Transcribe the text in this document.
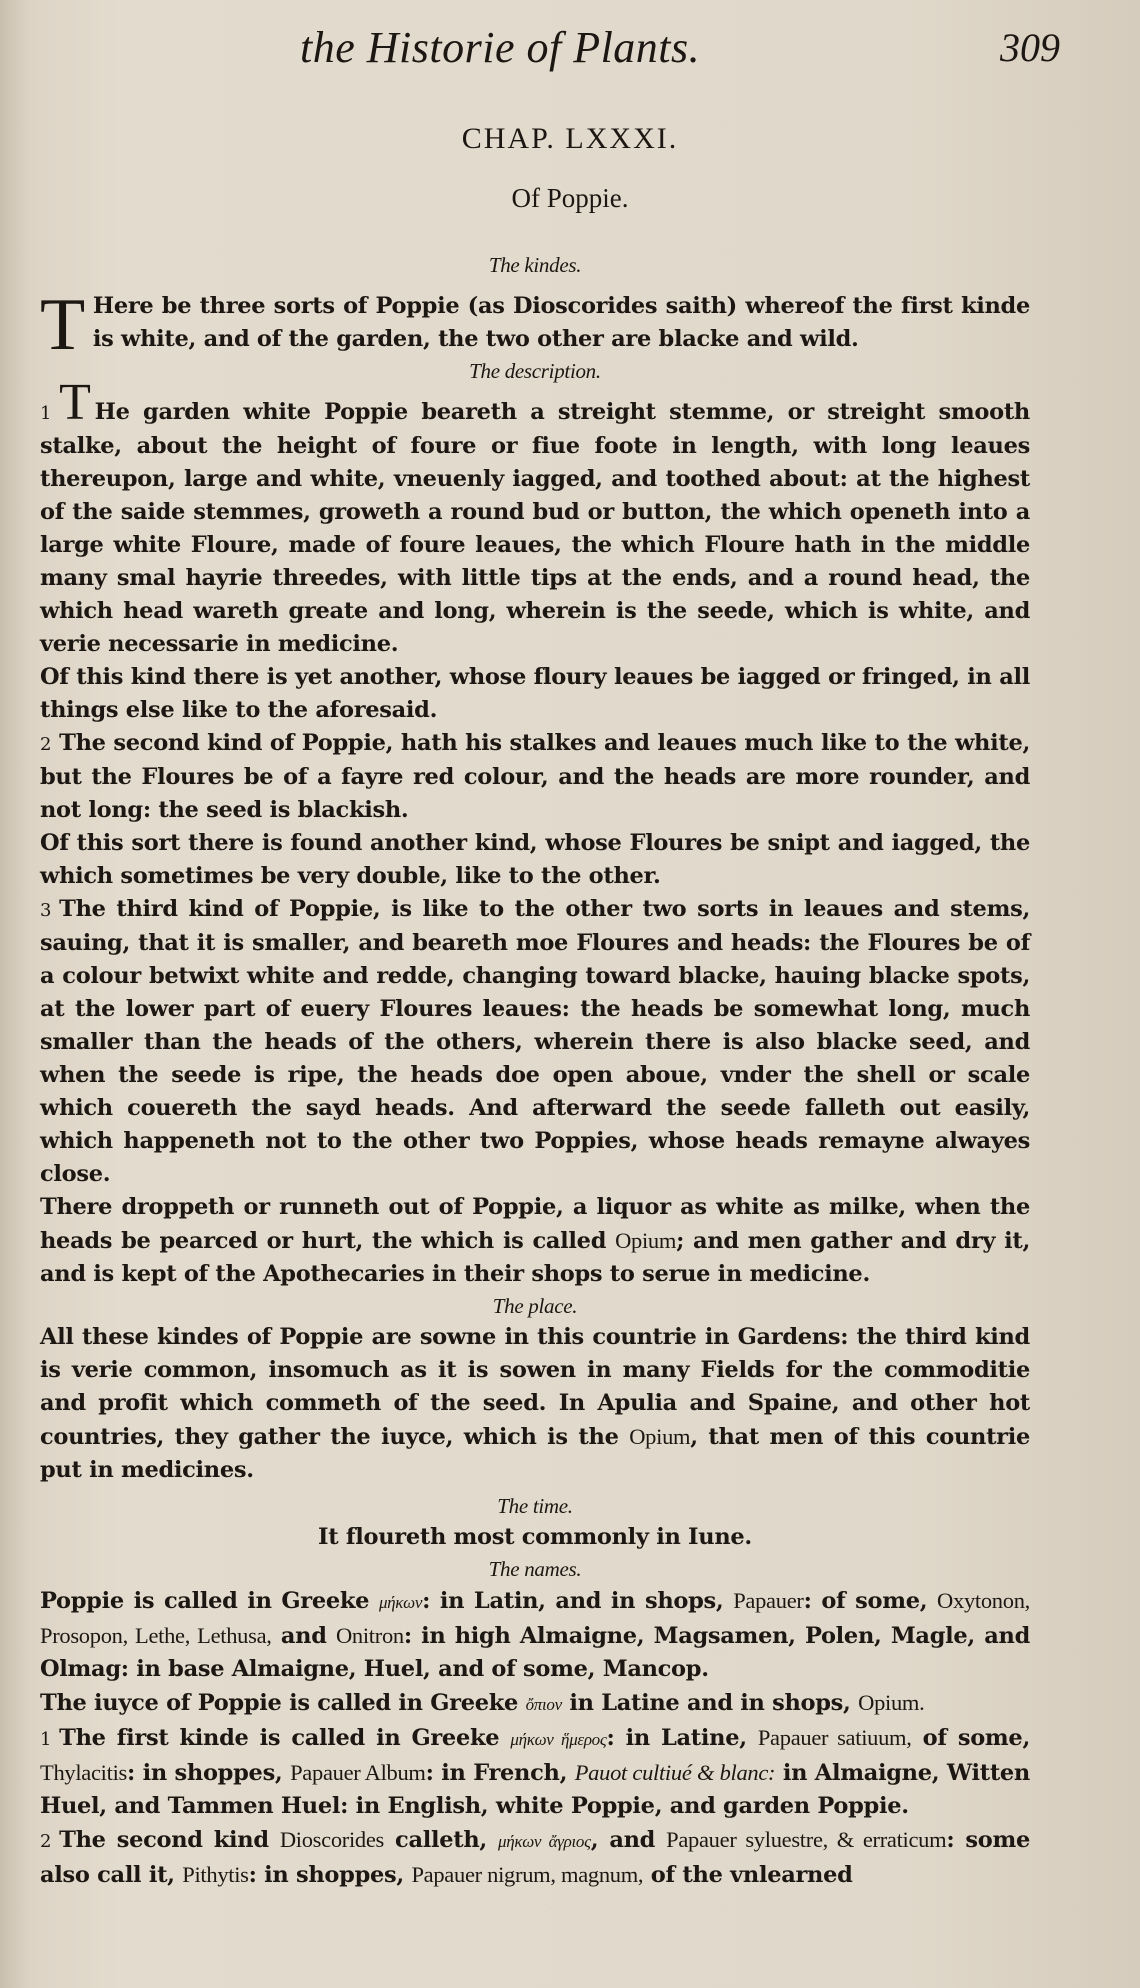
the Historie of Plants.	309
CHAP. LXXXI.
Of Poppie.
The kindes.

T Here be three sorts of Poppie (as Dioscorides saith) whereof the first kinde is white, and of the garden, the two other are blacke and wild.

The description.

1 T He garden white Poppie beareth a streight stemme, or streight smooth stalke, about the height of foure or fiue foote in length, with long leaues thereupon, large and white, vneuenly iagged, and toothed about: at the highest of the saide stemmes, groweth a round bud or button, the which openeth into a large white Floure, made of foure leaues, the which Floure hath in the middle many smal hayrie threedes, with little tips at the ends, and a round head, the which head wareth greate and long, wherein is the seede, which is white, and verie necessarie in medicine.

Of this kind there is yet another, whose floury leaues be iagged or fringed, in all things else like to the aforesaid.

2 The second kind of Poppie, hath his stalkes and leaues much like to the white, but the Floures be of a fayre red colour, and the heads are more rounder, and not long: the seed is blackish.

Of this sort there is found another kind, whose Floures be snipt and iagged, the which sometimes be very double, like to the other.

3 The third kind of Poppie, is like to the other two sorts in leaues and stems, sauing, that it is smaller, and beareth moe Floures and heads: the Floures be of a colour betwixt white and redde, changing toward blacke, hauing blacke spots, at the lower part of euery Floures leaues: the heads be somewhat long, much smaller than the heads of the others, wherein there is also blacke seed, and when the seede is ripe, the heads doe open aboue, vnder the shell or scale which couereth the sayd heads. And afterward the seede falleth out easily, which happeneth not to the other two Poppies, whose heads remayne alwayes close.

There droppeth or runneth out of Poppie, a liquor as white as milke, when the heads be pearced or hurt, the which is called Opium; and men gather and dry it, and is kept of the Apothecaries in their shops to serue in medicine.

The place.

All these kindes of Poppie are sowne in this countrie in Gardens: the third kind is verie common, insomuch as it is sowen in many Fields for the commoditie and profit which commeth of the seed. In Apulia and Spaine, and other hot countries, they gather the iuyce, which is the Opium, that men of this countrie put in medicines.

The time.

It floureth most commonly in Iune.

The names.

Poppie is called in Greeke μήκων: in Latin, and in shops, Papauer: of some, Oxytonon, Prosopon, Lethe, Lethusa, and Onitron: in high Almaigne, Magsamen, Polen, Magle, and Olmag: in base Almaigne, Huel, and of some, Mancop.

The iuyce of Poppie is called in Greeke ὄπιον in Latine and in shops, Opium.

1 The first kinde is called in Greeke μήκων ἥμερος: in Latine, Papauer satiuum, of some, Thylacitis: in shoppes, Papauer Album: in French, Pauot cultiué & blanc: in Almaigne, Witten Huel, and Tammen Huel: in English, white Poppie, and garden Poppie.

2 The second kind Dioscorides calleth, μήκων ἄγριος, and Papauer syluestre, & erraticum: some also call it, Pithytis: in shoppes, Papauer nigrum, magnum, of the vnlearned
